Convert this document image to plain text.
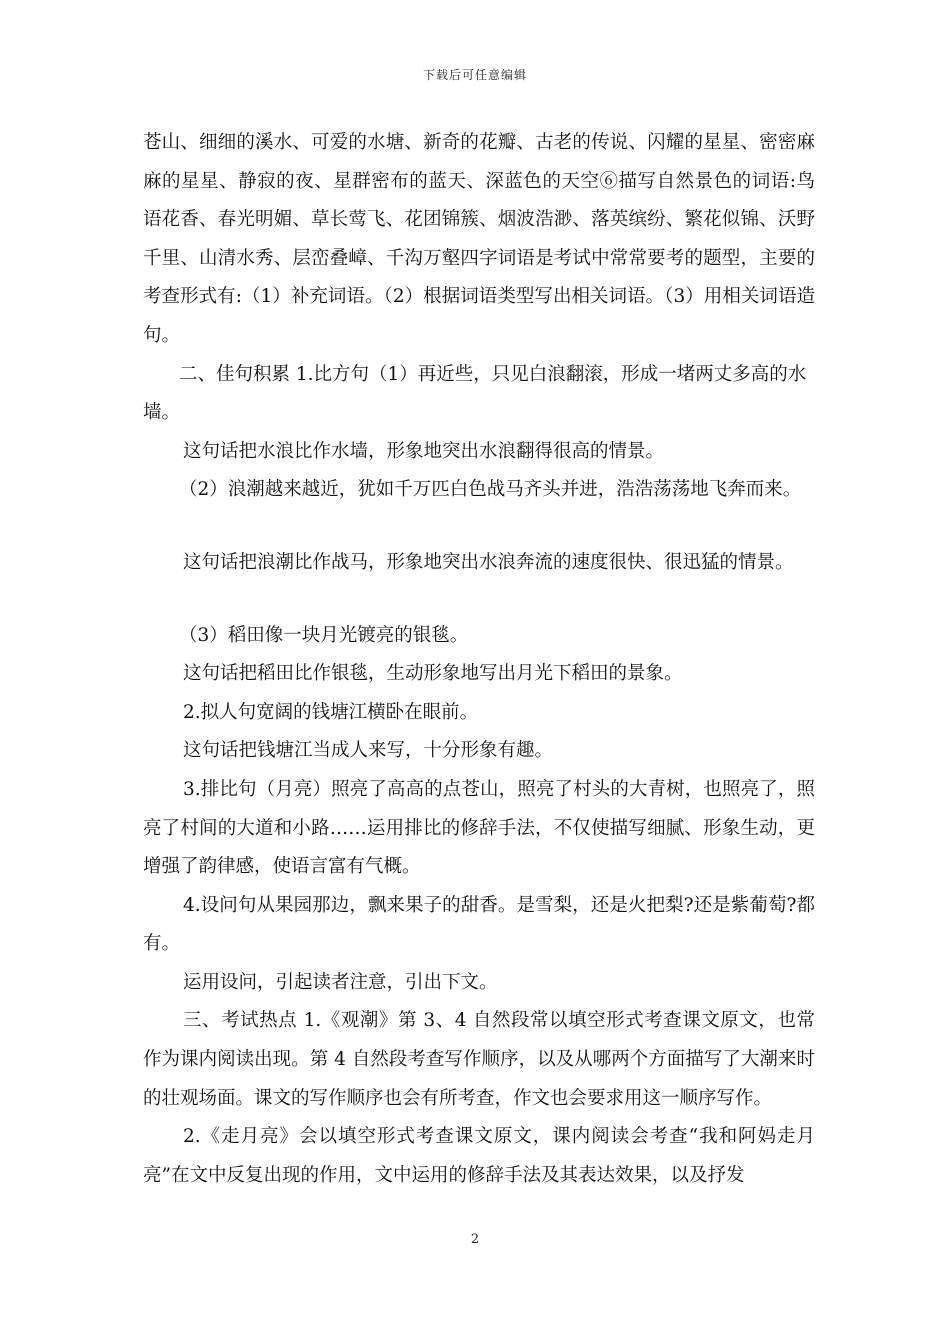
下载后可任意编辑

苍山、细细的溪水、可爱的水塘、新奇的花瓣、古老的传说、闪耀的星星、密密麻麻的星星、静寂的夜、星群密布的蓝天、深蓝色的天空⑥描写自然景色的词语:鸟语花香、春光明媚、草长莺飞、花团锦簇、烟波浩渺、落英缤纷、繁花似锦、沃野千里、山清水秀、层峦叠嶂、千沟万壑四字词语是考试中常常要考的题型，主要的考查形式有:（1）补充词语。（2）根据词语类型写出相关词语。（3）用相关词语造句。

二、佳句积累 1.比方句（1）再近些，只见白浪翻滚，形成一堵两丈多高的水墙。

这句话把水浪比作水墙，形象地突出水浪翻得很高的情景。

（2）浪潮越来越近，犹如千万匹白色战马齐头并进，浩浩荡荡地飞奔而来。

这句话把浪潮比作战马，形象地突出水浪奔流的速度很快、很迅猛的情景。

（3）稻田像一块月光镀亮的银毯。

这句话把稻田比作银毯，生动形象地写出月光下稻田的景象。

2.拟人句宽阔的钱塘江横卧在眼前。

这句话把钱塘江当成人来写，十分形象有趣。

3.排比句（月亮）照亮了高高的点苍山，照亮了村头的大青树，也照亮了，照亮了村间的大道和小路……运用排比的修辞手法，不仅使描写细腻、形象生动，更增强了韵律感，使语言富有气概。

4.设问句从果园那边，飘来果子的甜香。是雪梨，还是火把梨?还是紫葡萄?都有。

运用设问，引起读者注意，引出下文。

三、考试热点 1.《观潮》第 3、4 自然段常以填空形式考查课文原文，也常作为课内阅读出现。第 4 自然段考查写作顺序，以及从哪两个方面描写了大潮来时的壮观场面。课文的写作顺序也会有所考查，作文也会要求用这一顺序写作。

2.《走月亮》会以填空形式考查课文原文，课内阅读会考查“我和阿妈走月亮”在文中反复出现的作用，文中运用的修辞手法及其表达效果，以及抒发

2
